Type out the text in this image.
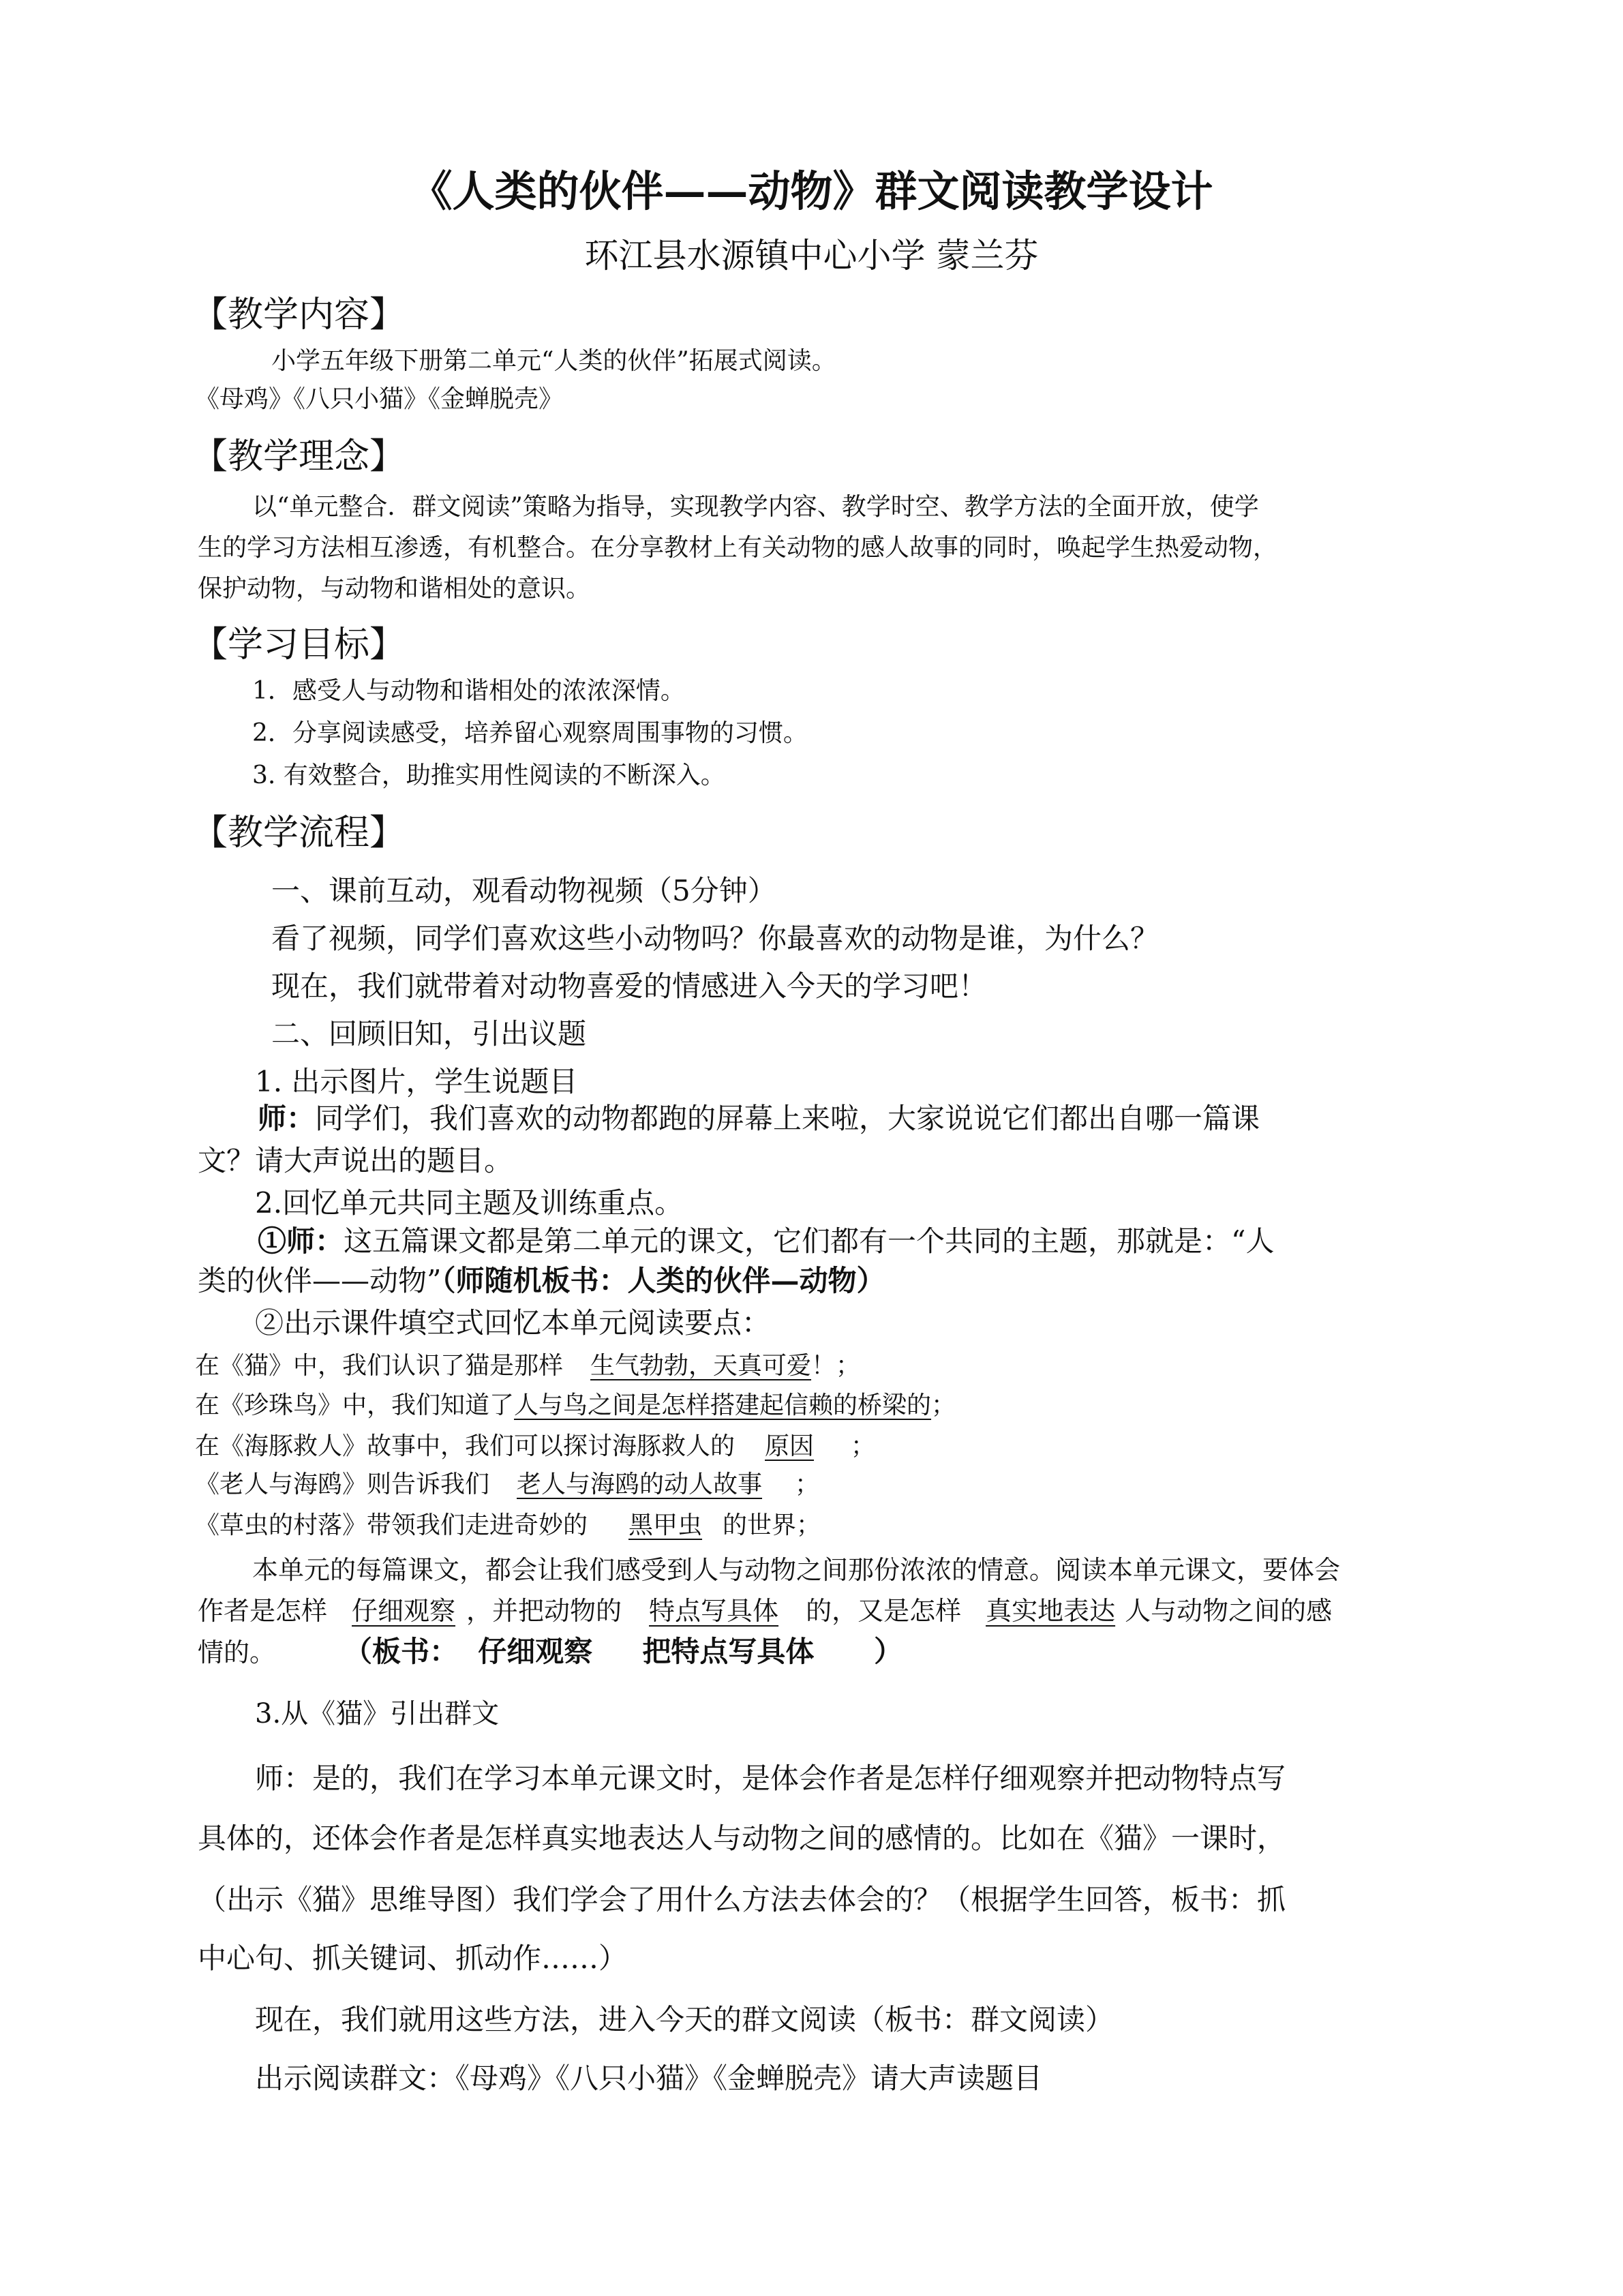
《人类的伙伴——动物》群文阅读教学设计
环江县水源镇中心小学 蒙兰芬
【教学内容】
小学五年级下册第二单元“人类的伙伴”拓展式阅读。
《母鸡》《八只小猫》《金蝉脱壳》
【教学理念】
以“单元整合．群文阅读”策略为指导，实现教学内容、教学时空、教学方法的全面开放，使学
生的学习方法相互渗透，有机整合。在分享教材上有关动物的感人故事的同时，唤起学生热爱动物，
保护动物，与动物和谐相处的意识。
【学习目标】
1．感受人与动物和谐相处的浓浓深情。
2．分享阅读感受，培养留心观察周围事物的习惯。
3. 有效整合，助推实用性阅读的不断深入。
【教学流程】
一、课前互动，观看动物视频（5分钟）
看了视频，同学们喜欢这些小动物吗？你最喜欢的动物是谁，为什么？
现在，我们就带着对动物喜爱的情感进入今天的学习吧！
二、回顾旧知，引出议题
1. 出示图片，学生说题目
师：同学们，我们喜欢的动物都跑的屏幕上来啦，大家说说它们都出自哪一篇课
文？请大声说出的题目。
2.回忆单元共同主题及训练重点。
①师：这五篇课文都是第二单元的课文，它们都有一个共同的主题，那就是：“人
类的伙伴——动物”（师随机板书：人类的伙伴—动物）
②出示课件填空式回忆本单元阅读要点：
在《猫》中，我们认识了猫是那样 生气勃勃，天真可爱！；
在《珍珠鸟》中，我们知道了人与鸟之间是怎样搭建起信赖的桥梁的；
在《海豚救人》故事中，我们可以探讨海豚救人的 原因 ；
《老人与海鸥》则告诉我们 老人与海鸥的动人故事 ；
《草虫的村落》带领我们走进奇妙的 黑甲虫 的世界；
本单元的每篇课文，都会让我们感受到人与动物之间那份浓浓的情意。阅读本单元课文，要体会
作者是怎样 仔细观察 ，并把动物的 特点写具体 的，又是怎样 真实地表达 人与动物之间的感
情的。 （板书：  仔细观察     把特点写具体      ）
3.从《猫》引出群文
师：是的，我们在学习本单元课文时，是体会作者是怎样仔细观察并把动物特点写
具体的，还体会作者是怎样真实地表达人与动物之间的感情的。比如在《猫》一课时，
（出示《猫》思维导图）我们学会了用什么方法去体会的？（根据学生回答，板书：抓
中心句、抓关键词、抓动作……）
现在，我们就用这些方法，进入今天的群文阅读（板书：群文阅读）
出示阅读群文：《母鸡》《八只小猫》《金蝉脱壳》请大声读题目
